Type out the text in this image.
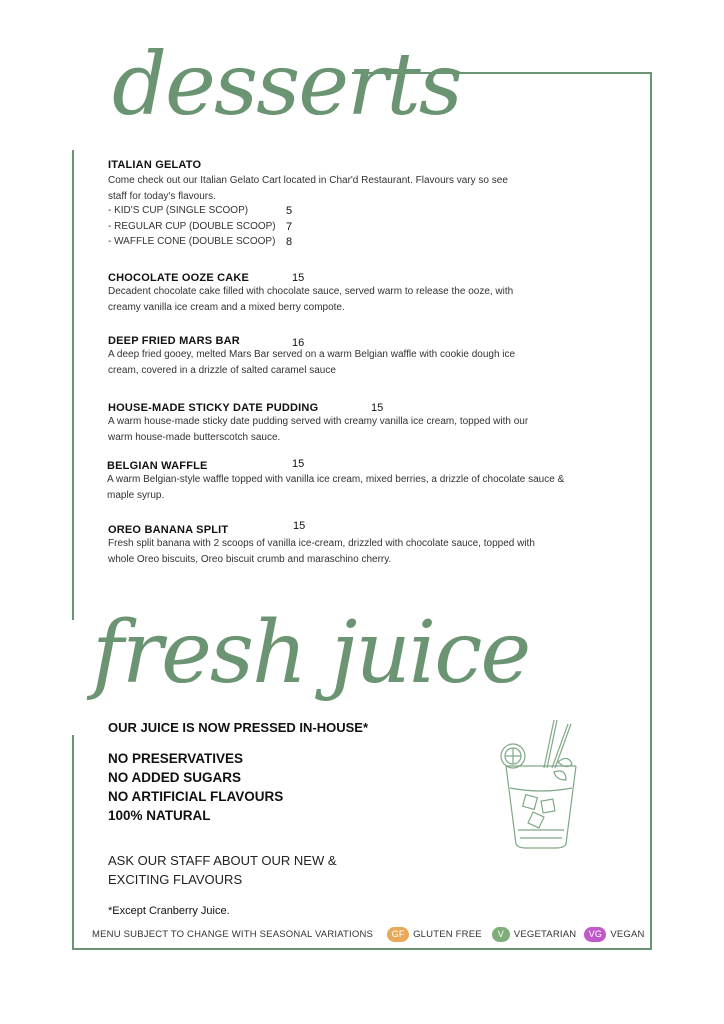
desserts
fresh juice
ITALIAN GELATO
Come check out our Italian Gelato Cart located in Char'd Restaurant. Flavours vary so see
staff for today's flavours.
- KID'S CUP (SINGLE SCOOP)	5
- REGULAR CUP (DOUBLE SCOOP) 7
- WAFFLE CONE (DOUBLE SCOOP) 8
CHOCOLATE OOZE CAKE	15
Decadent chocolate cake filled with chocolate sauce, served warm to release the ooze, with
creamy vanilla ice cream and a mixed berry compote.
DEEP FRIED MARS BAR	16
A deep fried gooey, melted Mars Bar served on a warm Belgian waffle with cookie dough ice
cream, covered in a drizzle of salted caramel sauce
HOUSE-MADE STICKY DATE PUDDING	15
A warm house-made sticky date pudding served with creamy vanilla ice cream, topped with our
warm house-made butterscotch sauce.
BELGIAN WAFFLE	15
A warm Belgian-style waffle topped with vanilla ice cream, mixed berries, a drizzle of chocolate sauce &
maple syrup.
OREO BANANA SPLIT	15
Fresh split banana with 2 scoops of vanilla ice-cream, drizzled with chocolate sauce, topped with
whole Oreo biscuits, Oreo biscuit crumb and maraschino cherry.
OUR JUICE IS NOW PRESSED IN-HOUSE*
NO PRESERVATIVES
NO ADDED SUGARS
NO ARTIFICIAL FLAVOURS
100% NATURAL
ASK OUR STAFF ABOUT OUR NEW &
EXCITING FLAVOURS
*Except Cranberry Juice.
MENU SUBJECT TO CHANGE WITH SEASONAL VARIATIONS	GF GLUTEN FREE	V	VEGETARIAN	VG VEGAN
